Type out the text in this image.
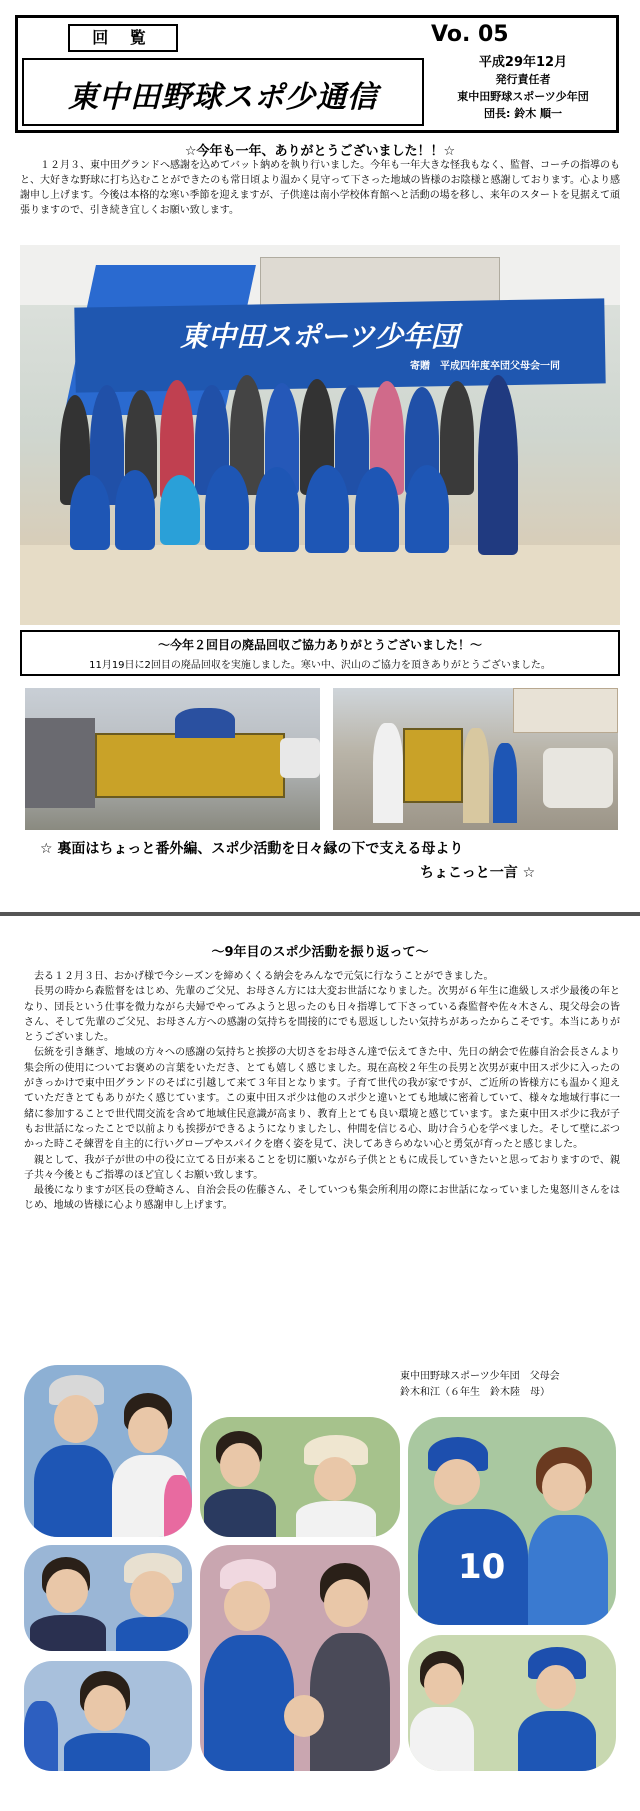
回 覧
東中田野球スポ少通信
Vo. 05
平成29年12月
発行責任者
東中田野球スポーツ少年団
団長: 鈴木 順一
☆今年も一年、ありがとうございました！！☆
１２月３、東中田グランドへ感謝を込めてバット納めを執り行いました。今年も一年大きな怪我もなく、監督、コーチの指導のもと、大好きな野球に打ち込むことができたのも常日頃より温かく見守って下さった地域の皆様のお陰様と感謝しております。心より感謝申し上げます。今後は本格的な寒い季節を迎えますが、子供達は南小学校体育館へと活動の場を移し、来年のスタートを見据えて頑張りますので、引き続き宜しくお願い致します。
東中田スポーツ少年団
寄贈　平成四年度卒団父母会一同
～今年２回目の廃品回収ご協力ありがとうございました！～
11月19日に2回目の廃品回収を実施しました。寒い中、沢山のご協力を頂きありがとうございました。
☆ 裏面はちょっと番外編、スポ少活動を日々縁の下で支える母より
ちょこっと一言 ☆
～9年目のスポ少活動を振り返って～

去る１２月３日、おかげ様で今シーズンを締めくくる納会をみんなで元気に行なうことができました。

長男の時から森監督をはじめ、先輩のご父兄、お母さん方には大変お世話になりました。次男が６年生に進級しスポ少最後の年となり、団長という仕事を微力ながら夫婦でやってみようと思ったのも日々指導して下さっている森監督や佐々木さん、現父母会の皆さん、そして先輩のご父兄、お母さん方への感謝の気持ちを間接的にでも恩返ししたい気持ちがあったからこそです。本当にありがとうございました。

伝統を引き継ぎ、地域の方々への感謝の気持ちと挨拶の大切さをお母さん達で伝えてきた中、先日の納会で佐藤自治会長さんより集会所の使用についてお褒めの言葉をいただき、とても嬉しく感じました。現在高校２年生の長男と次男が東中田スポ少に入ったのがきっかけで東中田グランドのそばに引越して来て３年目となります。子育て世代の我が家ですが、ご近所の皆様方にも温かく迎えていただきとてもありがたく感じています。この東中田スポ少は他のスポ少と違いとても地域に密着していて、様々な地域行事に一緒に参加することで世代間交流を含めて地域住民意識が高まり、教育上とても良い環境と感じています。また東中田スポ少に我が子もお世話になったことで以前よりも挨拶ができるようになりましたし、仲間を信じる心、助け合う心を学べました。そして壁にぶつかった時こそ練習を自主的に行いグローブやスパイクを磨く姿を見て、決してあきらめない心と勇気が育ったと感じました。

親として、我が子が世の中の役に立てる日が来ることを切に願いながら子供とともに成長していきたいと思っておりますので、親子共々今後ともご指導のほど宜しくお願い致します。

最後になりますが区長の登崎さん、自治会長の佐藤さん、そしていつも集会所利用の際にお世話になっていました鬼怒川さんをはじめ、地域の皆様に心より感謝申し上げます。

東中田野球スポーツ少年団　父母会
鈴木和江（６年生　鈴木陸　母）
10
